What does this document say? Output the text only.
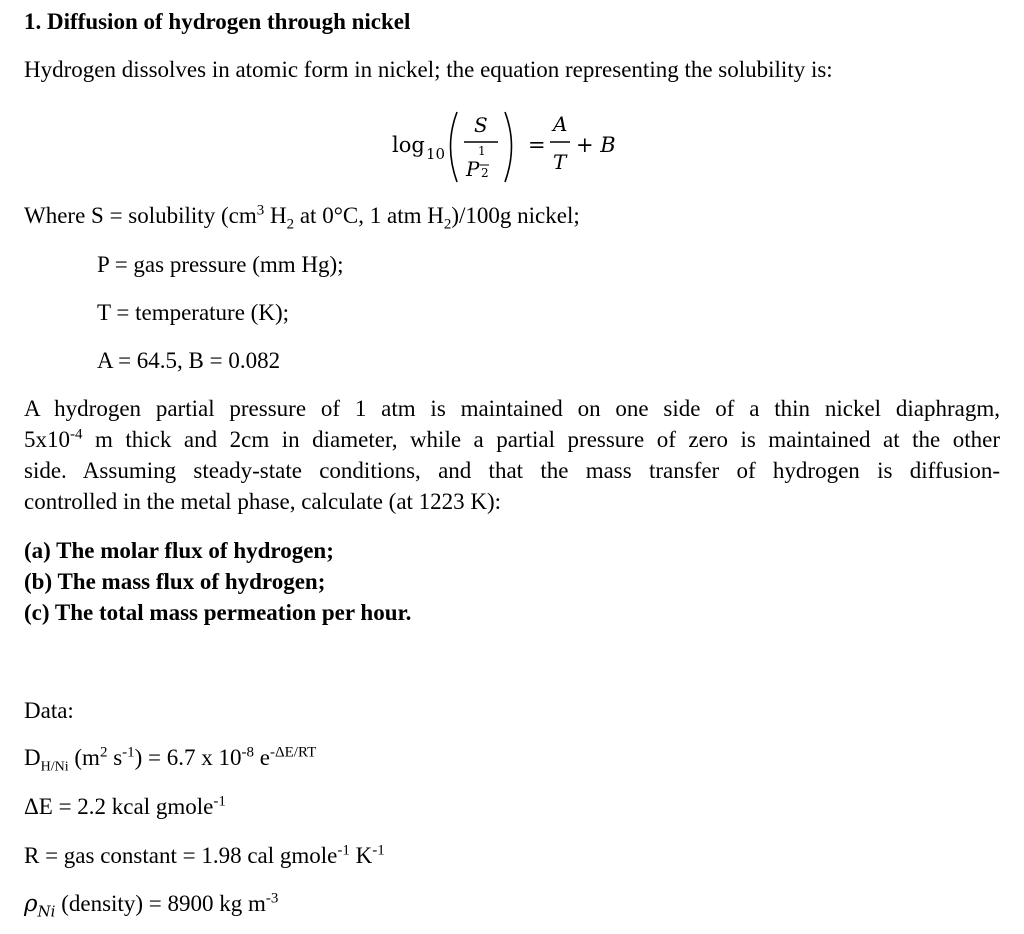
1. Diffusion of hydrogen through nickel
Hydrogen dissolves in atomic form in nickel; the equation representing the solubility is:
log 10
S
1
P 2
=
A
T
+ B
Where S = solubility ($cm^3$ $H_2$ at 0°C, 1 atm $H_2)/100g$ nickel;
P = gas pressure (mm Hg);
T = temperature (K);
A = 64.5, B = 0.082
A hydrogen partial pressure of 1 atm is maintained on one side of a thin nickel diaphragm,
$5x10^{-4}$ m thick and 2cm in diameter, while a partial pressure of zero is maintained at the other
side. Assuming steady-state conditions, and that the mass transfer of hydrogen is diffusion-
controlled in the metal phase, calculate (at 1223 K):
(a) The molar flux of hydrogen;
(b) The mass flux of hydrogen;
(c) The total mass permeation per hour.
Data:
$D_{H/Ni}$ ($m^2$ $s^{-1}) = 6.7$ x $10^{-8}$ $e^{-\Delta E/RT}$
ΔE = 2.2 kcal gmole$^{-1}$
R = gas constant = 1.98 cal gmole$^{-1}$ $K^{-1}$
$\rho_{Ni}$ (density) = 8900 kg $m^{-3}$
